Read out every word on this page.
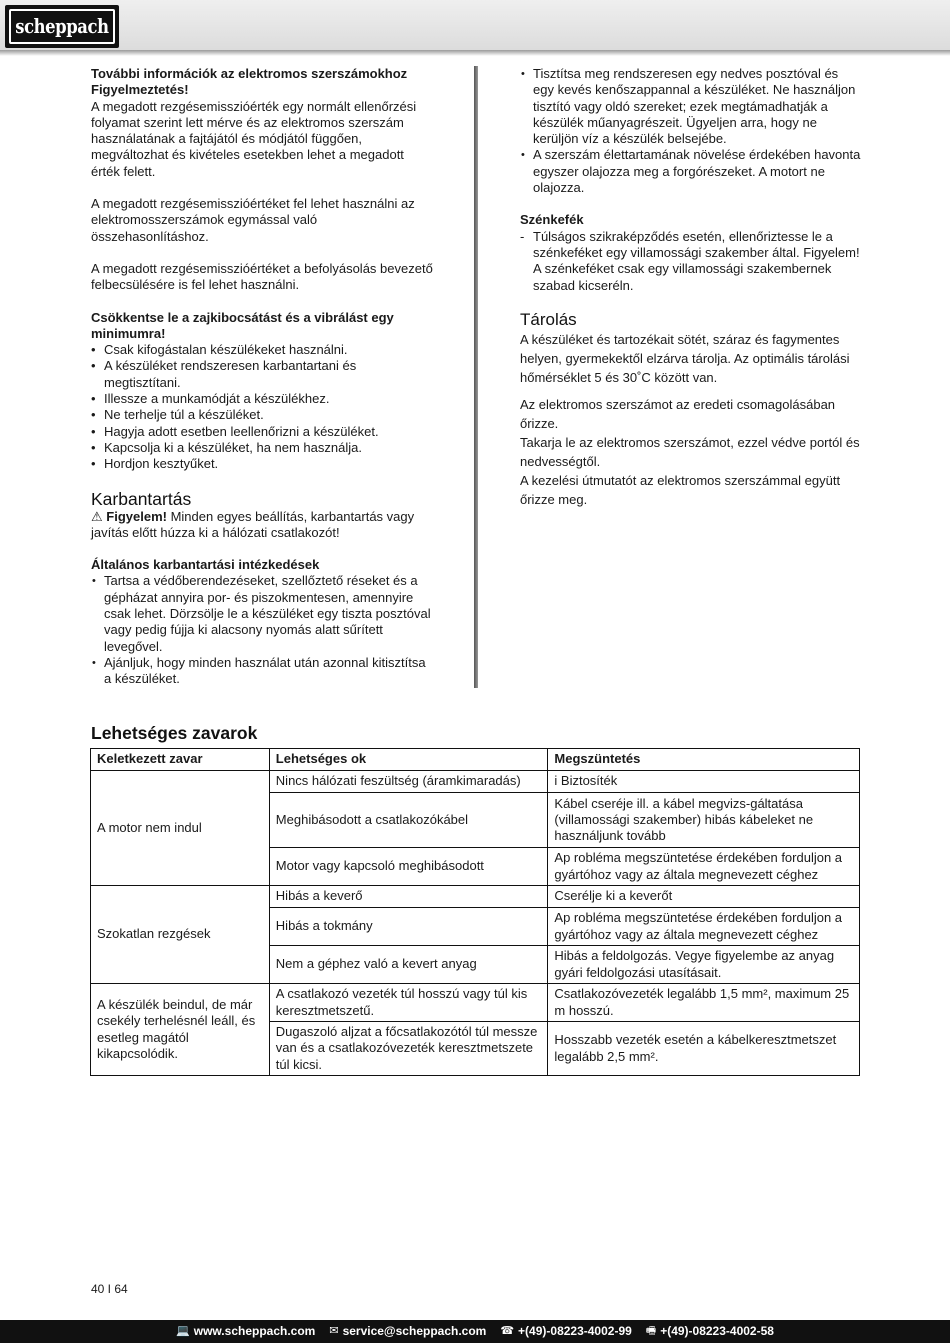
scheppach

További információk az elektromos szerszámokhoz

Figyelmeztetés!

A megadott rezgésemisszióérték egy normált ellenőrzési folyamat szerint lett mérve és az elektromos szerszám használatának a fajtájától és módjától függően, megváltozhat és kivételes esetekben lehet a megadott érték felett.

A megadott rezgésemisszióértéket fel lehet használni az elektromosszerszámok egymással való összehasonlításhoz.

A megadott rezgésemisszióértéket a befolyásolás bevezető felbecsülésére is fel lehet használni.

Csökkentse le a zajkibocsátást és a vibrálást egy minimumra!

• Csak kifogástalan készülékeket használni.
• A készüléket rendszeresen karbantartani és megtisztítani.
• Illessze a munkamódját a készülékhez.
• Ne terhelje túl a készüléket.
• Hagyja adott esetben leellenőrizni a készüléket.
• Kapcsolja ki a készüléket, ha nem használja.
• Hordjon kesztyűket.
Karbantartás

⚠ Figyelem! Minden egyes beállítás, karbantartás vagy javítás előtt húzza ki a hálózati csatlakozót!

Általános karbantartási intézkedések

• Tartsa a védőberendezéseket, szellőztető réseket és a gépházat annyira por- és piszokmentesen, amennyire csak lehet. Dörzsölje le a készüléket egy tiszta posztóval vagy pedig fújja ki alacsony nyomás alatt sűrített levegővel.
• Ajánljuk, hogy minden használat után azonnal kitisztítsa a készüléket.
• Tisztítsa meg rendszeresen egy nedves posztóval és egy kevés kenőszappannal a készüléket. Ne használjon tisztító vagy oldó szereket; ezek megtámadhatják a készülék műanyagrészeit. Ügyeljen arra, hogy ne kerüljön víz a készülék belsejébe.
• A szerszám élettartamának növelése érdekében havonta egyszer olajozza meg a forgórészeket. A motort ne olajozza.

Szénkefék

- Túlságos szikraképződés esetén, ellenőriztesse le a szénkeféket egy villamossági szakember által. Figyelem! A szénkeféket csak egy villamossági szakembernek szabad kicseréln.
Tárolás

A készüléket és tartozékait sötét, száraz és fagymentes helyen, gyermekektől elzárva tárolja. Az optimális tárolási hőmérséklet 5 és 30˚C között van.

Az elektromos szerszámot az eredeti csomagolásában őrizze.

Takarja le az elektromos szerszámot, ezzel védve portól és nedvességtől.

A kezelési útmutatót az elektromos szerszámmal együtt őrizze meg.

Lehetséges zavarok
Keletkezett zavar	Lehetséges ok	Megszüntetés
A motor nem indul	Nincs hálózati feszültség (áramkimaradás)	i Biztosíték
	Meghibásodott a csatlakozókábel	Kábel cseréje ill. a kábel megvizs-gáltatása (villamossági szakember) hibás kábeleket ne használjunk tovább
	Motor vagy kapcsoló meghibásodott	Ap robléma megszüntetése érdekében forduljon a gyártóhoz vagy az általa megnevezett céghez
Szokatlan rezgések	Hibás a keverő	Cserélje ki a keverőt
	Hibás a tokmány	Ap robléma megszüntetése érdekében forduljon a gyártóhoz vagy az általa megnevezett céghez
	Nem a géphez való a kevert anyag	Hibás a feldolgozás. Vegye figyelembe az anyag gyári feldolgozási utasításait.
A készülék beindul, de már csekély terhelésnél leáll, és esetleg magától kikapcsolódik.	A csatlakozó vezeték túl hosszú vagy túl kis keresztmetszetű.	Csatlakozóvezeték legalább 1,5 mm², maximum 25 m hosszú.
	Dugaszoló aljzat a főcsatlakozótól túl messze van és a csatlakozóvezeték keresztmetszete túl kicsi.	Hosszabb vezeték esetén a kábelkeresztmetszet legalább 2,5 mm².
40 I 64
💻 www.scheppach.com ✉ service@scheppach.com ☎ +(49)-08223-4002-99 🖷 +(49)-08223-4002-58
